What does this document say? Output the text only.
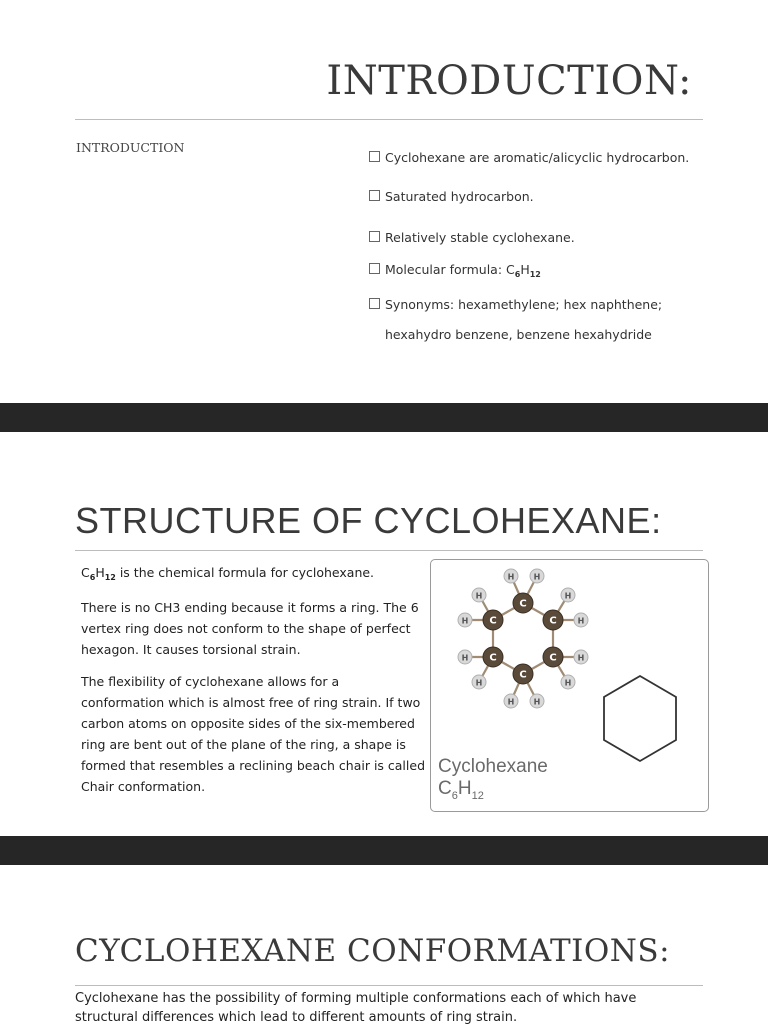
INTRODUCTION:
INTRODUCTION
Cyclohexane are aromatic/alicyclic hydrocarbon.
Saturated hydrocarbon.
Relatively stable cyclohexane.
Molecular formula: $C_6H_{12}$
Synonyms: hexamethylene; hex naphthene;
hexahydro benzene, benzene hexahydride
STRUCTURE OF CYCLOHEXANE:

$C_6H_{12}$ is the chemical formula for cyclohexane.

There is no CH3 ending because it forms a ring. The 6 vertex ring does not conform to the shape of perfect hexagon. It causes torsional strain.

The flexibility of cyclohexane allows for a conformation which is almost free of ring strain. If two carbon atoms on opposite sides of the six-membered ring are bent out of the plane of the ring, a shape is formed that resembles a reclining beach chair is called Chair conformation.

H H
H
H
H
H
H
H
H
H
H
H
C
C
C
C
C
C
Cyclohexane
$C_6H_{12}$
CYCLOHEXANE CONFORMATIONS:

Cyclohexane has the possibility of forming multiple conformations each of which have structural differences which lead to different amounts of ring strain.
